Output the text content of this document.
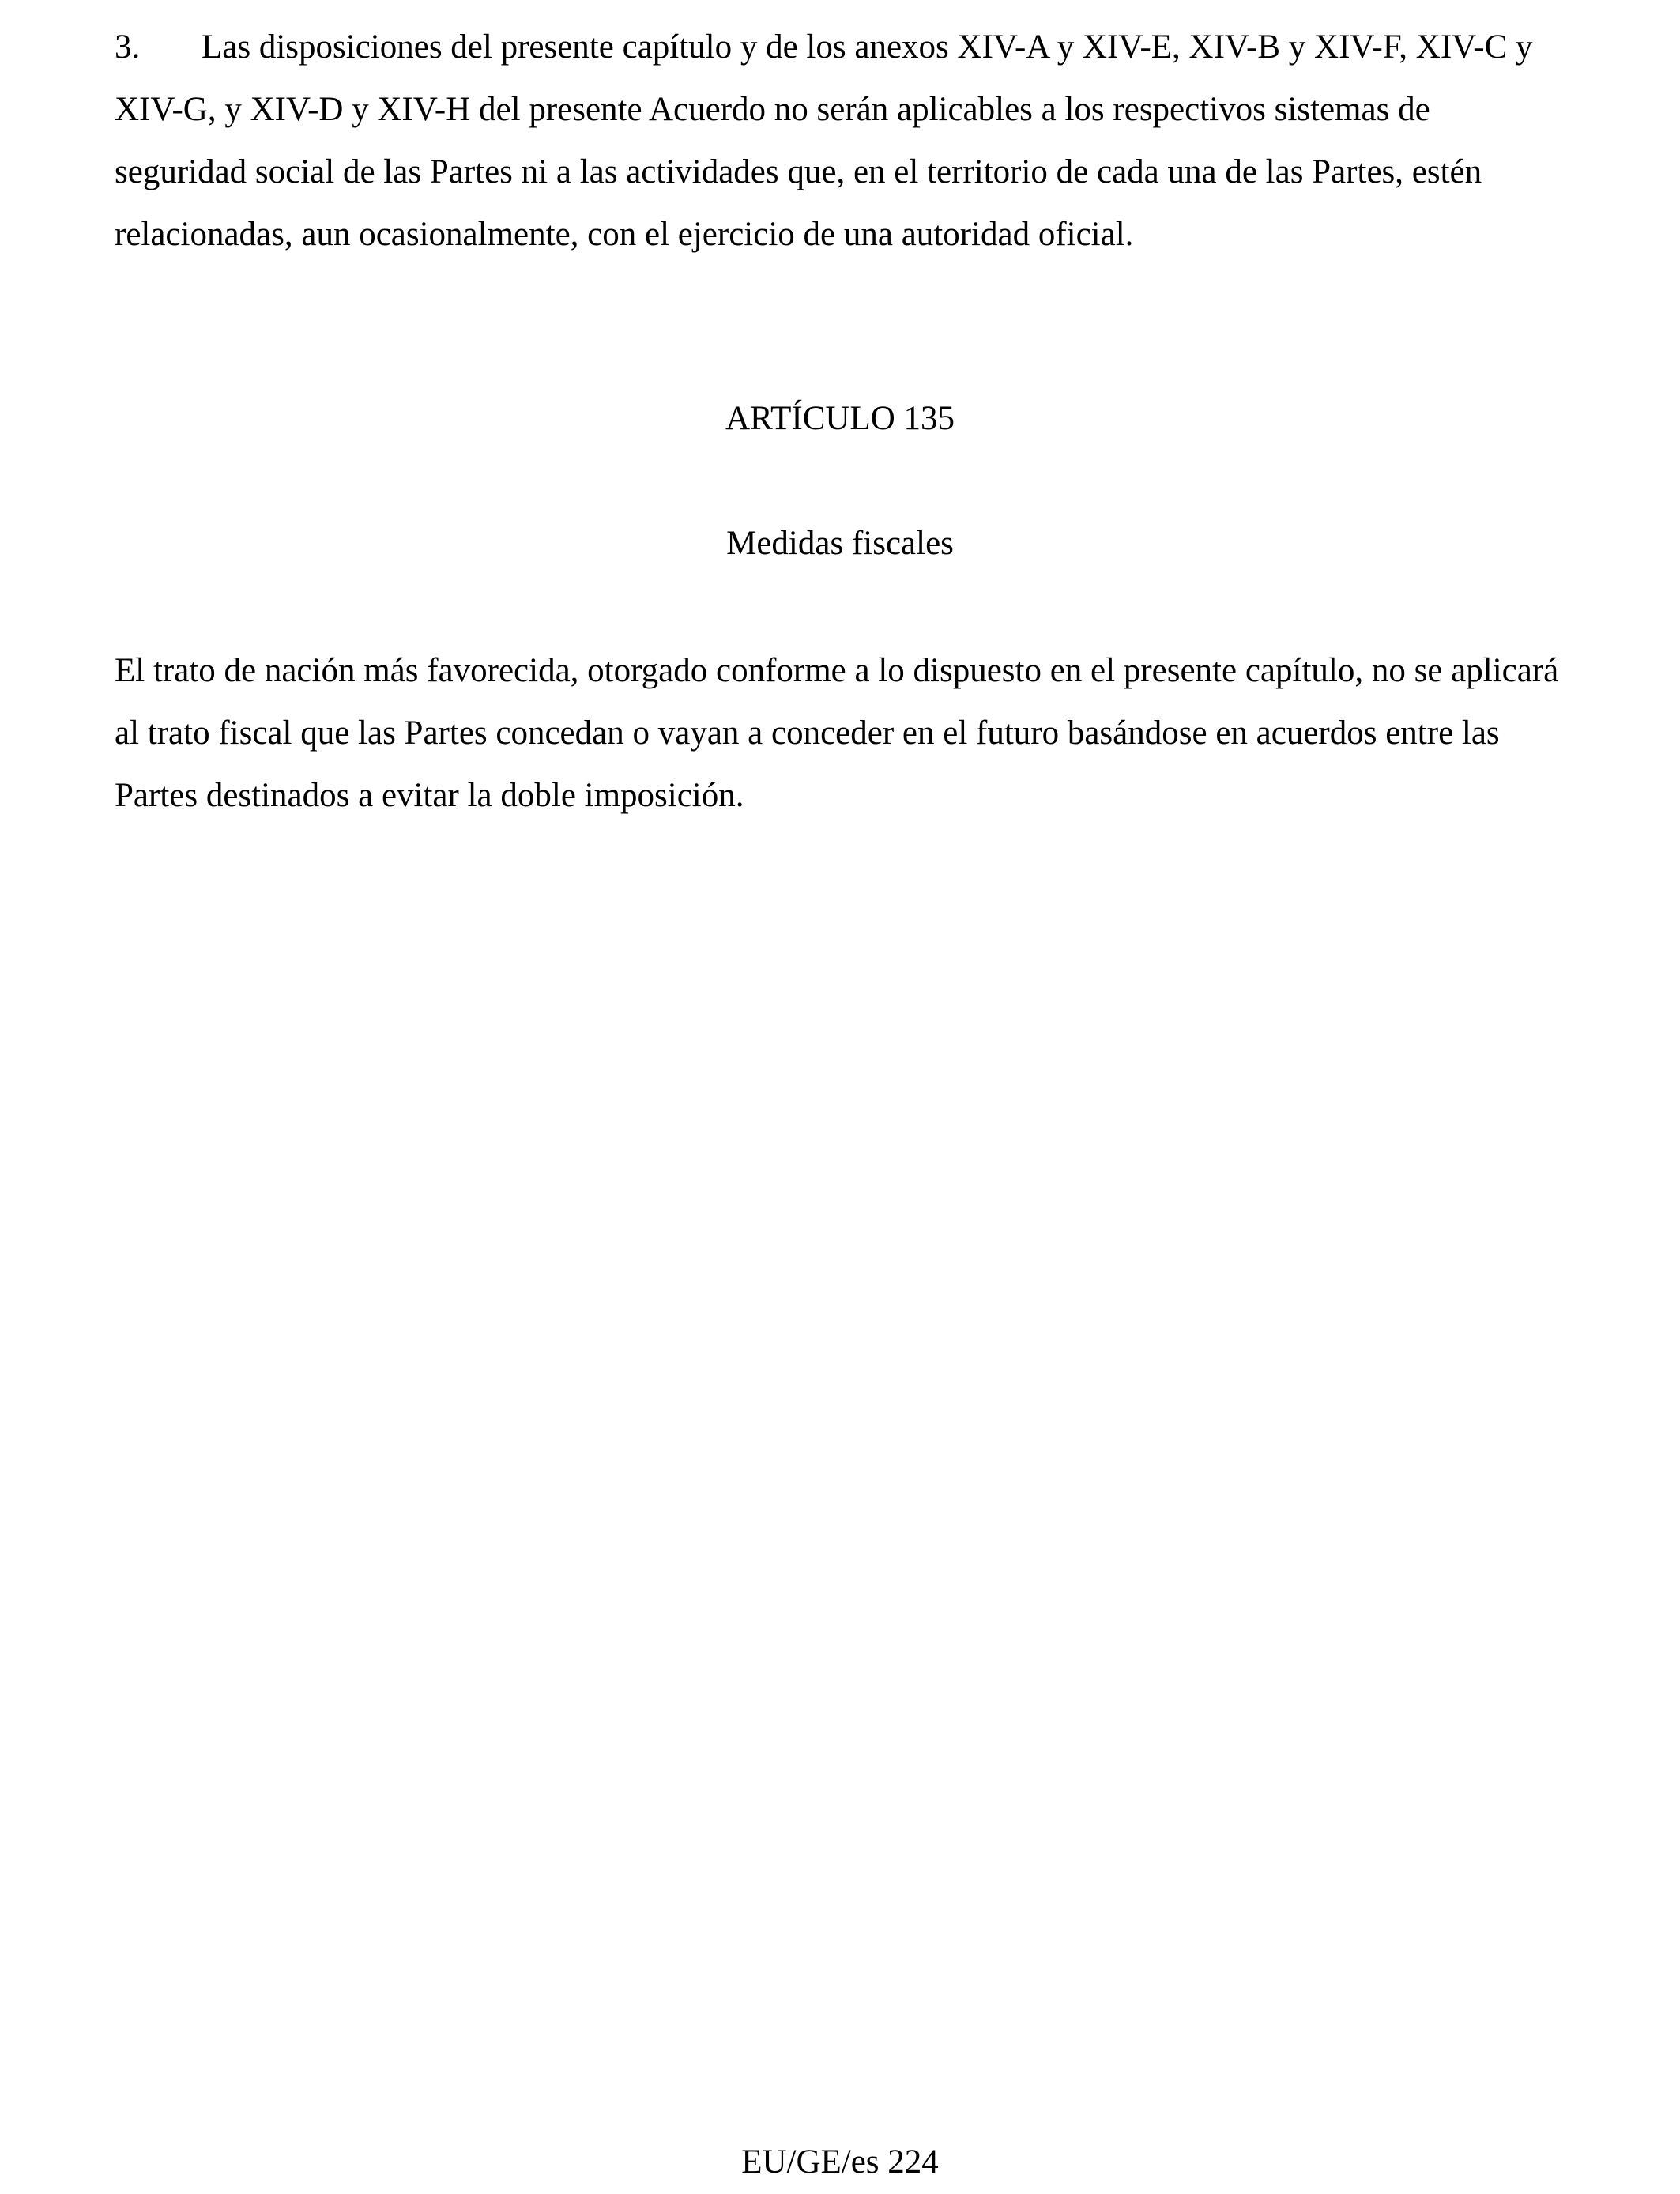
3. Las disposiciones del presente capítulo y de los anexos XIV-A y XIV-E, XIV-B y XIV-F, XIV-C y XIV-G, y XIV-D y XIV-H del presente Acuerdo no serán aplicables a los respectivos sistemas de seguridad social de las Partes ni a las actividades que, en el territorio de cada una de las Partes, estén relacionadas, aun ocasionalmente, con el ejercicio de una autoridad oficial.

ARTÍCULO 135
Medidas fiscales

El trato de nación más favorecida, otorgado conforme a lo dispuesto en el presente capítulo, no se aplicará al trato fiscal que las Partes concedan o vayan a conceder en el futuro basándose en acuerdos entre las Partes destinados a evitar la doble imposición.

EU/GE/es 224
